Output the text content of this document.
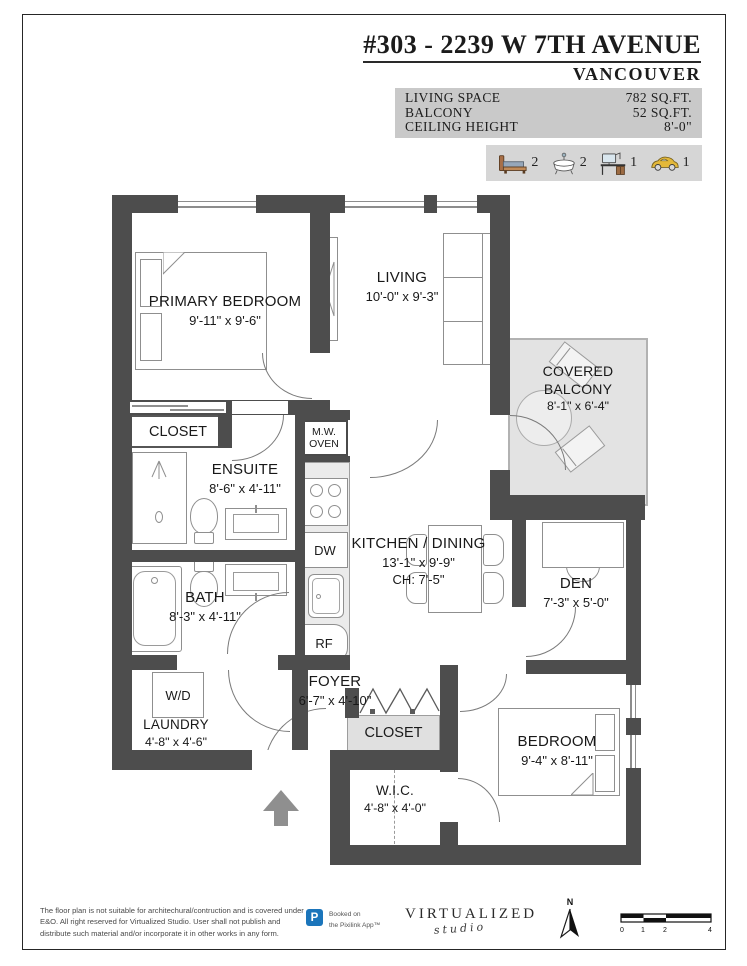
#303 - 2239 W 7TH AVENUE
VANCOUVER
LIVING SPACE	782 SQ.FT.
BALCONY	52 SQ.FT.
CEILING HEIGHT	8'-0"
2	2	1	1
M.W.
OVEN
DW
RF
W/D
CLOSET
CLOSET
PRIMARY BEDROOM
9'-11" x 9'-6"
LIVING
10'-0" x 9'-3"
COVERED BALCONY
8'-1" x 6'-4"
ENSUITE
8'-6" x 4'-11"
BATH
8'-3" x 4'-11"
KITCHEN / DINING
13'-1" x 9'-9"
CH: 7'-5"	DEN
7'-3" x 5'-0"
LAUNDRY
4'-8" x 4'-6"
FOYER
6'-7" x 4'-10"
W.I.C.
4'-8" x 4'-0"
BEDROOM
9'-4" x 8'-11"
The floor plan is not suitable for architechural/contruction and is covered under E&O. All right reserved for Virtualized Studio. User shall not publish and distribute such material and/or incorporate it in other works in any form.
P	Booked on
the Pixilink App™
VIRTUALIZED
studio
N
0 1	2	4
